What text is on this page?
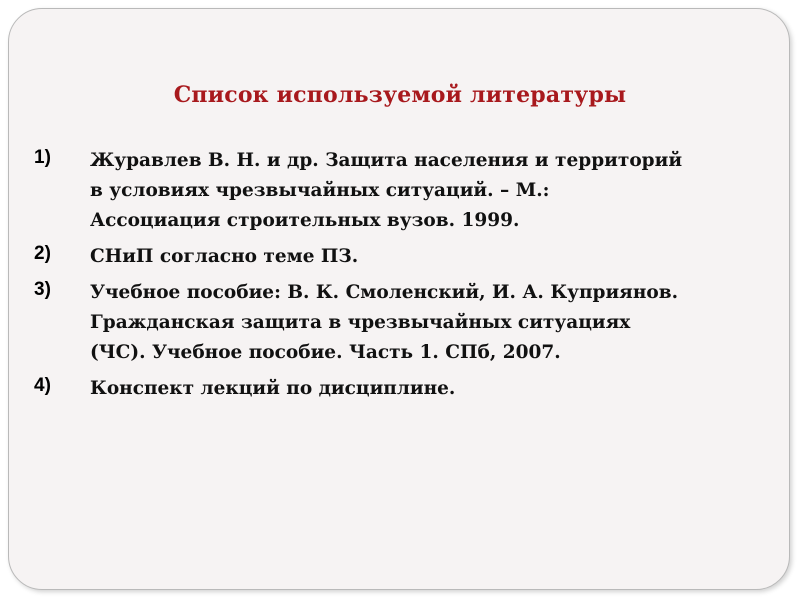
Список используемой литературы
1) Журавлев В. Н. и др. Защита населения и территорий
в условиях чрезвычайных ситуаций. – М.:
Ассоциация строительных вузов. 1999.
2) СНиП согласно теме ПЗ.
3) Учебное пособие: В. К. Смоленский, И. А. Куприянов.
Гражданская защита в чрезвычайных ситуациях
(ЧС). Учебное пособие. Часть 1. СПб, 2007.
4) Конспект лекций по дисциплине.
